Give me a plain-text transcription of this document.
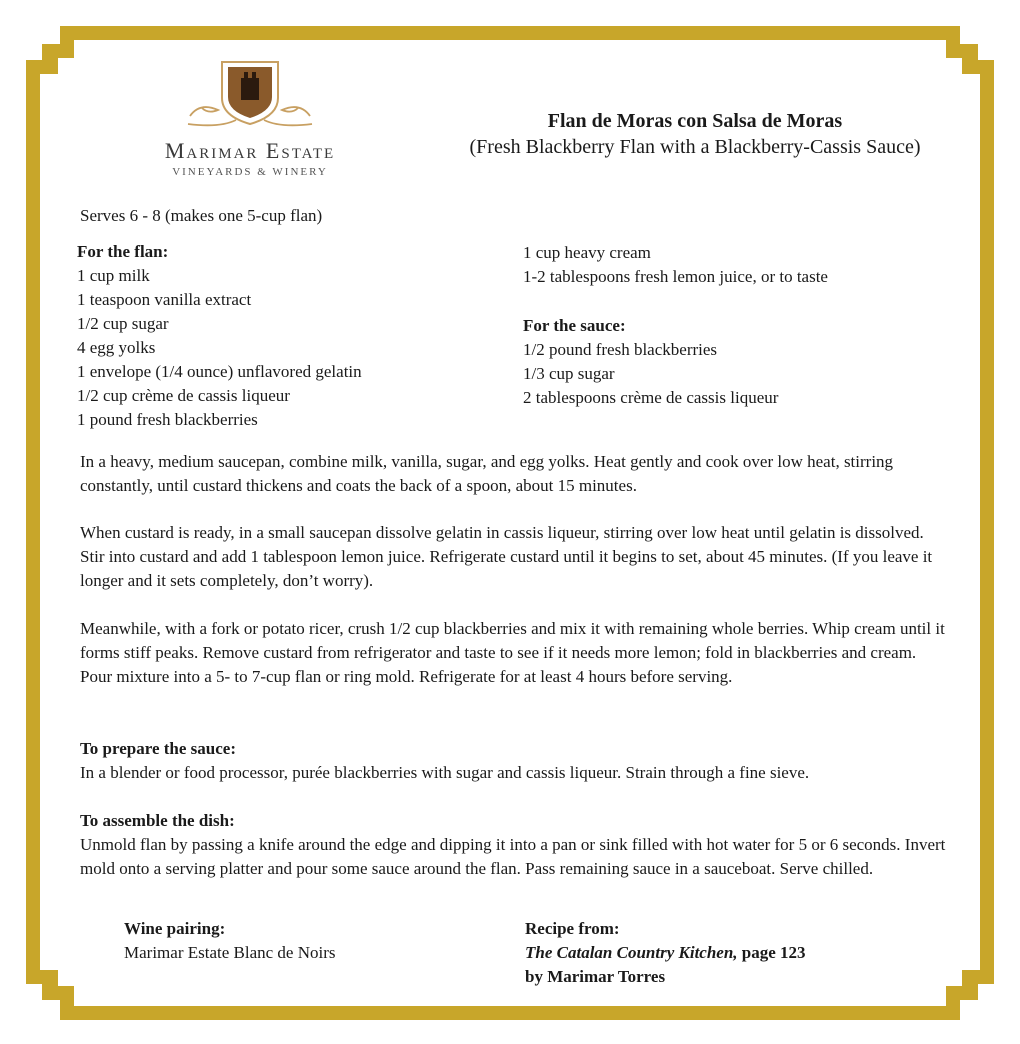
Marimar Estate
VINEYARDS & WINERY
Flan de Moras con Salsa de Moras
(Fresh Blackberry Flan with a Blackberry-Cassis Sauce)
Serves 6 - 8 (makes one 5-cup flan)
For the flan:
1 cup milk
1 teaspoon vanilla extract
1/2 cup sugar
4 egg yolks
1 envelope (1/4 ounce) unflavored gelatin
1/2 cup crème de cassis liqueur
1 pound fresh blackberries
1 cup heavy cream
1-2 tablespoons fresh lemon juice, or to taste
For the sauce:
1/2 pound fresh blackberries
1/3 cup sugar
2 tablespoons crème de cassis liqueur

In a heavy, medium saucepan, combine milk, vanilla, sugar, and egg yolks. Heat gently and cook over low heat, stirring constantly, until custard thickens and coats the back of a spoon, about 15 minutes.

When custard is ready, in a small saucepan dissolve gelatin in cassis liqueur, stirring over low heat until gelatin is dissolved. Stir into custard and add 1 tablespoon lemon juice. Refrigerate custard until it begins to set, about 45 minutes. (If you leave it longer and it sets completely, don’t worry).

Meanwhile, with a fork or potato ricer, crush 1/2 cup blackberries and mix it with remaining whole berries. Whip cream until it forms stiff peaks. Remove custard from refrigerator and taste to see if it needs more lemon; fold in blackberries and cream. Pour mixture into a 5- to 7-cup flan or ring mold. Refrigerate for at least 4 hours before serving.

To prepare the sauce:
In a blender or food processor, purée blackberries with sugar and cassis liqueur. Strain through a fine sieve.
To assemble the dish:
Unmold flan by passing a knife around the edge and dipping it into a pan or sink filled with hot water for 5 or 6 seconds. Invert mold onto a serving platter and pour some sauce around the flan. Pass remaining sauce in a sauceboat. Serve chilled.
Wine pairing:
Marimar Estate Blanc de Noirs
Recipe from:
The Catalan Country Kitchen, page 123
by Marimar Torres
